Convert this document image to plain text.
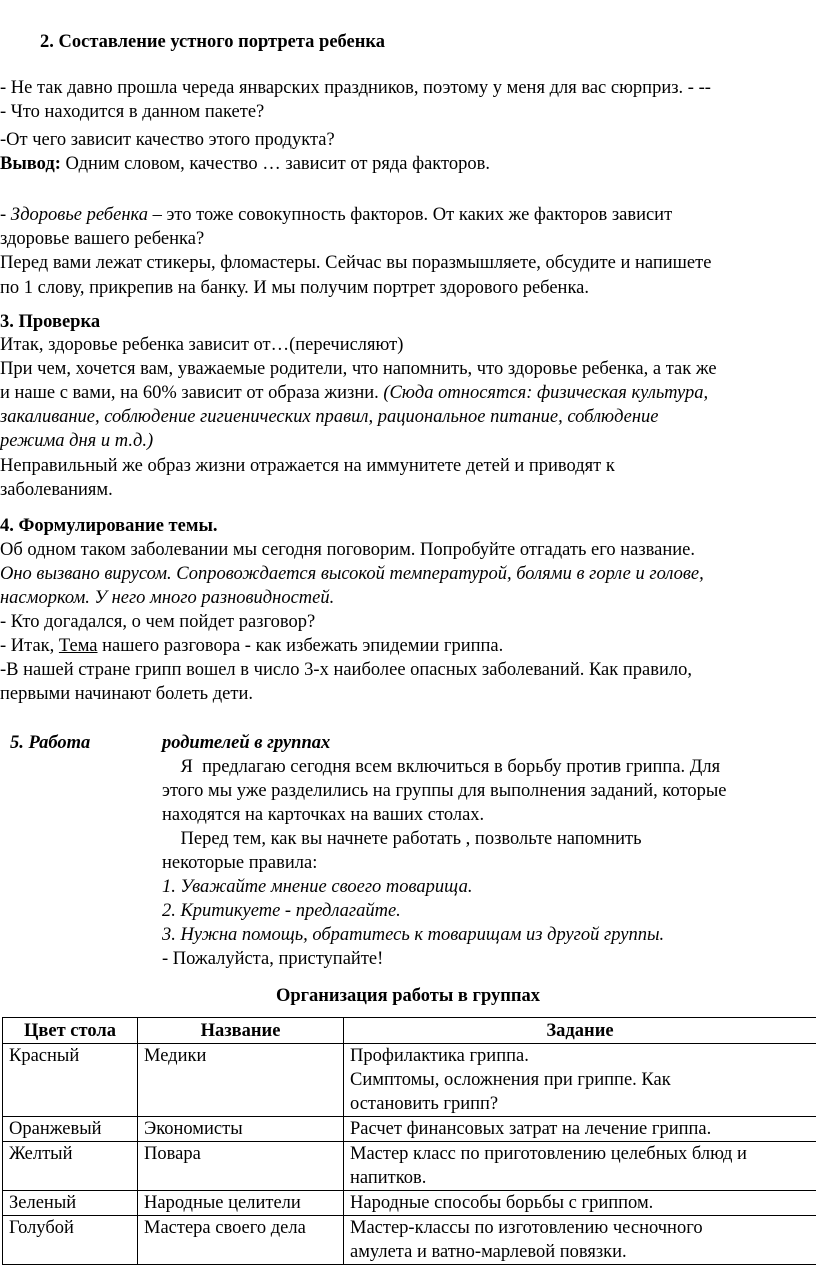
2. Составление устного портрета ребенка
- Не так давно прошла череда январских праздников, поэтому у меня для вас сюрприз. - --
- Что находится в данном пакете?
-От чего зависит качество этого продукта?
Вывод: Одним словом, качество … зависит от ряда факторов.
- Здоровье ребенка – это тоже совокупность факторов. От каких же факторов зависит
здоровье вашего ребенка?
Перед вами лежат стикеры, фломастеры. Сейчас вы поразмышляете, обсудите и напишете
по 1 слову, прикрепив на банку. И мы получим портрет здорового ребенка.
3. Проверка
Итак, здоровье ребенка зависит от…(перечисляют)
При чем, хочется вам, уважаемые родители, что напомнить, что здоровье ребенка, а так же
и наше с вами, на 60% зависит от образа жизни. (Сюда относятся: физическая культура,
закаливание, соблюдение гигиенических правил, рациональное питание, соблюдение
режима дня и т.д.)
Неправильный же образ жизни отражается на иммунитете детей и приводят к
заболеваниям.
4. Формулирование темы.
Об одном таком заболевании мы сегодня поговорим. Попробуйте отгадать его название.
Оно вызвано вирусом. Сопровождается высокой температурой, болями в горле и голове,
насморком. У него много разновидностей.
- Кто догадался, о чем пойдет разговор?
- Итак, Тема нашего разговора - как избежать эпидемии гриппа.
-В нашей стране грипп вошел в число 3-х наиболее опасных заболеваний. Как правило,
первыми начинают болеть дети.
5. Работа	родителей в группах
Я  предлагаю сегодня всем включиться в борьбу против гриппа. Для
этого мы уже разделились на группы для выполнения заданий, которые
находятся на карточках на ваших столах.
Перед тем, как вы начнете работать , позвольте напомнить
некоторые правила:
1. Уважайте мнение своего товарища.
2. Критикуете - предлагайте.
3. Нужна помощь, обратитесь к товарищам из другой группы.
- Пожалуйста, приступайте!
Организация работы в группах
Цвет стола	Название	Задание
Красный	Медики	Профилактика гриппа.
Симптомы, осложнения при гриппе. Как
остановить грипп?

Оранжевый	Экономисты	Расчет финансовых затрат на лечение гриппа.

Желтый	Повара	Мастер класс по приготовлению целебных блюд и
напитков.

Зеленый	Народные целители	Народные способы борьбы с гриппом.

Голубой	Мастера своего дела	Мастер-классы по изготовлению чесночного
амулета и ватно-марлевой повязки.
